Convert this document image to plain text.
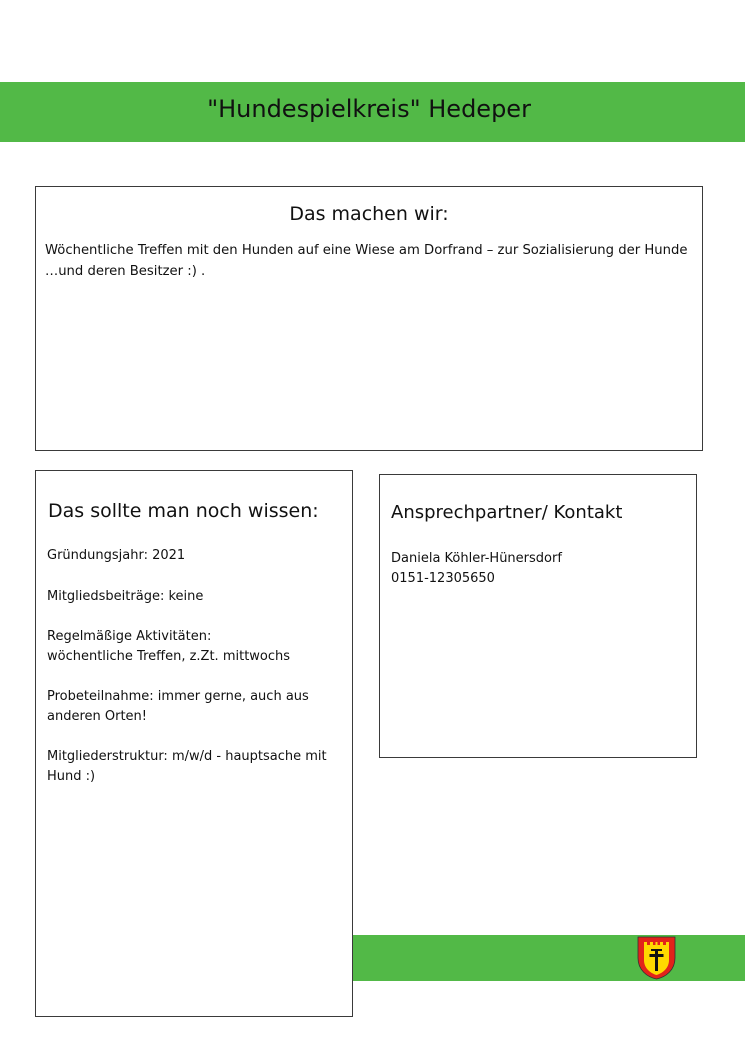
"Hundespielkreis" Hedeper
Das machen wir:
Wöchentliche Treffen mit den Hunden auf eine Wiese am Dorfrand – zur Sozialisierung der Hunde …und deren Besitzer :) .
Das sollte man noch wissen:
Gründungsjahr: 2021
Mitgliedsbeiträge: keine
Regelmäßige Aktivitäten:
wöchentliche Treffen, z.Zt. mittwochs
Probeteilnahme: immer gerne, auch aus anderen Orten!
Mitgliederstruktur: m/w/d - hauptsache mit Hund :)
Ansprechpartner/ Kontakt
Daniela Köhler-Hünersdorf
0151-12305650
